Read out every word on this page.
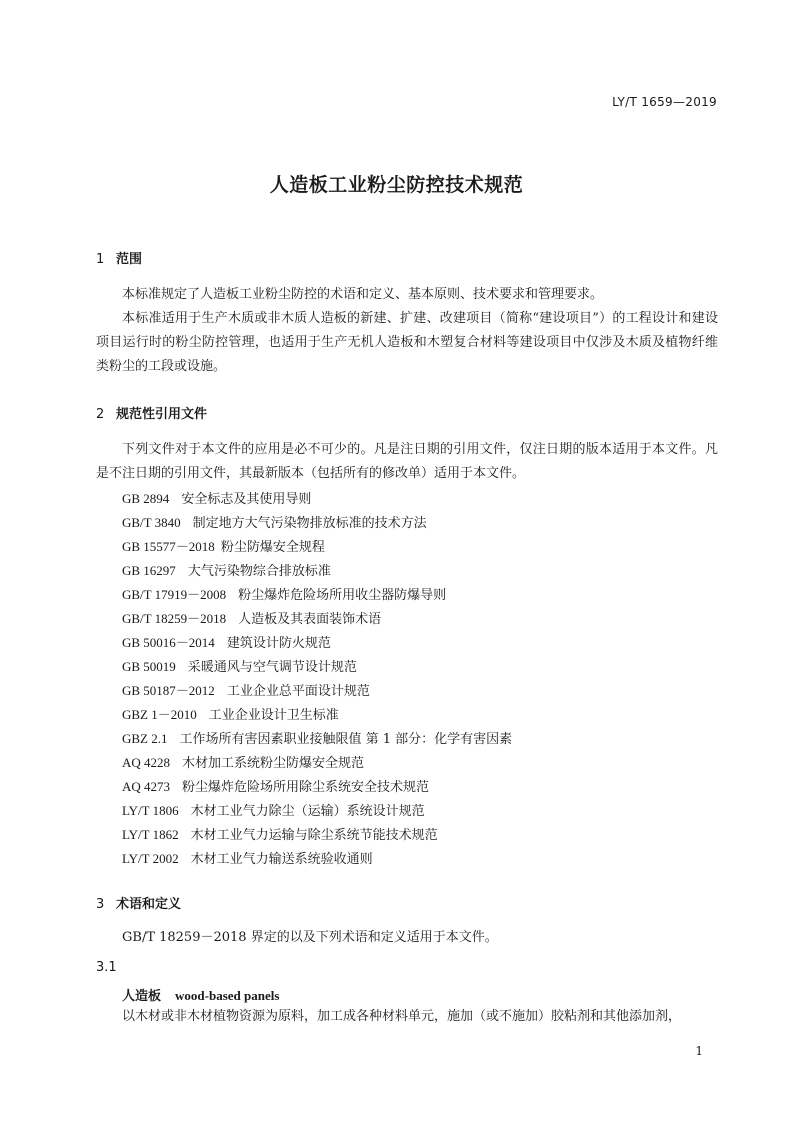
LY/T 1659—2019
人造板工业粉尘防控技术规范
1 范围
本标准规定了人造板工业粉尘防控的术语和定义、基本原则、技术要求和管理要求。
本标准适用于生产木质或非木质人造板的新建、扩建、改建项目（简称“建设项目”）的工程设计和建设项目运行时的粉尘防控管理，也适用于生产无机人造板和木塑复合材料等建设项目中仅涉及木质及植物纤维类粉尘的工段或设施。
2 规范性引用文件
下列文件对于本文件的应用是必不可少的。凡是注日期的引用文件，仅注日期的版本适用于本文件。凡是不注日期的引用文件，其最新版本（包括所有的修改单）适用于本文件。
GB 2894 安全标志及其使用导则
GB/T 3840 制定地方大气污染物排放标准的技术方法
GB 15577－2018 粉尘防爆安全规程
GB 16297 大气污染物综合排放标准
GB/T 17919－2008 粉尘爆炸危险场所用收尘器防爆导则
GB/T 18259－2018 人造板及其表面装饰术语
GB 50016－2014 建筑设计防火规范
GB 50019 采暖通风与空气调节设计规范
GB 50187－2012 工业企业总平面设计规范
GBZ 1－2010 工业企业设计卫生标准
GBZ 2.1 工作场所有害因素职业接触限值 第 1 部分：化学有害因素
AQ 4228 木材加工系统粉尘防爆安全规范
AQ 4273 粉尘爆炸危险场所用除尘系统安全技术规范
LY/T 1806 木材工业气力除尘（运输）系统设计规范
LY/T 1862 木材工业气力运输与除尘系统节能技术规范
LY/T 2002 木材工业气力输送系统验收通则
3 术语和定义
GB/T 18259－2018 界定的以及下列术语和定义适用于本文件。
3.1
人造板 wood-based panels
以木材或非木材植物资源为原料，加工成各种材料单元，施加（或不施加）胶粘剂和其他添加剂，
1
